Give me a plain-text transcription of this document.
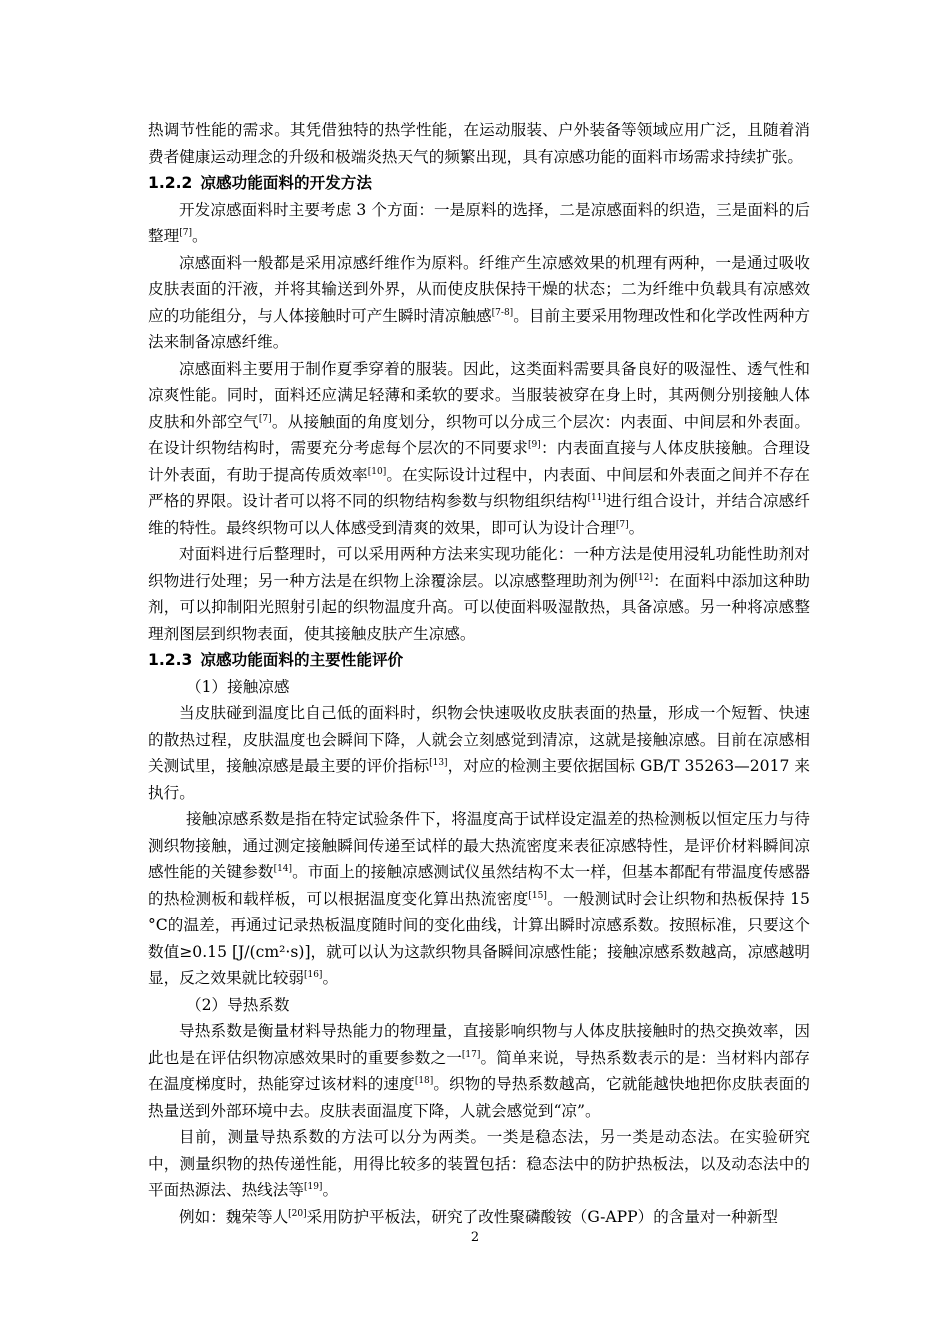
热调节性能的需求。其凭借独特的热学性能，在运动服装、户外装备等领域应用广泛，且随着消费者健康运动理念的升级和极端炎热天气的频繁出现，具有凉感功能的面料市场需求持续扩张。

1.2.2 凉感功能面料的开发方法

开发凉感面料时主要考虑 3 个方面：一是原料的选择，二是凉感面料的织造，三是面料的后整理[7]。

凉感面料一般都是采用凉感纤维作为原料。纤维产生凉感效果的机理有两种，一是通过吸收皮肤表面的汗液，并将其输送到外界，从而使皮肤保持干燥的状态；二为纤维中负载具有凉感效应的功能组分，与人体接触时可产生瞬时清凉触感[7-8]。目前主要采用物理改性和化学改性两种方法来制备凉感纤维。

凉感面料主要用于制作夏季穿着的服装。因此，这类面料需要具备良好的吸湿性、透气性和凉爽性能。同时，面料还应满足轻薄和柔软的要求。当服装被穿在身上时，其两侧分别接触人体皮肤和外部空气[7]。从接触面的角度划分，织物可以分成三个层次：内表面、中间层和外表面。在设计织物结构时，需要充分考虑每个层次的不同要求[9]：内表面直接与人体皮肤接触。合理设计外表面，有助于提高传质效率[10]。在实际设计过程中，内表面、中间层和外表面之间并不存在严格的界限。设计者可以将不同的织物结构参数与织物组织结构[11]进行组合设计，并结合凉感纤维的特性。最终织物可以人体感受到清爽的效果，即可认为设计合理[7]。

对面料进行后整理时，可以采用两种方法来实现功能化：一种方法是使用浸轧功能性助剂对织物进行处理；另一种方法是在织物上涂覆涂层。以凉感整理助剂为例[12]：在面料中添加这种助剂，可以抑制阳光照射引起的织物温度升高。可以使面料吸湿散热，具备凉感。另一种将凉感整理剂图层到织物表面，使其接触皮肤产生凉感。

1.2.3 凉感功能面料的主要性能评价

（1）接触凉感

当皮肤碰到温度比自己低的面料时，织物会快速吸收皮肤表面的热量，形成一个短暂、快速的散热过程，皮肤温度也会瞬间下降，人就会立刻感觉到清凉，这就是接触凉感。目前在凉感相关测试里，接触凉感是最主要的评价指标[13]，对应的检测主要依据国标 GB/T 35263—2017 来执行。

接触凉感系数是指在特定试验条件下，将温度高于试样设定温差的热检测板以恒定压力与待测织物接触，通过测定接触瞬间传递至试样的最大热流密度来表征凉感特性，是评价材料瞬间凉感性能的关键参数[14]。市面上的接触凉感测试仪虽然结构不太一样，但基本都配有带温度传感器的热检测板和载样板，可以根据温度变化算出热流密度[15]。一般测试时会让织物和热板保持 15 °C的温差，再通过记录热板温度随时间的变化曲线，计算出瞬时凉感系数。按照标准，只要这个数值≥0.15 [J/(cm²·s)]，就可以认为这款织物具备瞬间凉感性能；接触凉感系数越高，凉感越明显，反之效果就比较弱[16]。

（2）导热系数

导热系数是衡量材料导热能力的物理量，直接影响织物与人体皮肤接触时的热交换效率，因此也是在评估织物凉感效果时的重要参数之一[17]。简单来说，导热系数表示的是：当材料内部存在温度梯度时，热能穿过该材料的速度[18]。织物的导热系数越高，它就能越快地把你皮肤表面的热量送到外部环境中去。皮肤表面温度下降，人就会感觉到“凉”。

目前，测量导热系数的方法可以分为两类。一类是稳态法，另一类是动态法。在实验研究中，测量织物的热传递性能，用得比较多的装置包括：稳态法中的防护热板法，以及动态法中的平面热源法、热线法等[19]。

例如：魏荣等人[20]采用防护平板法，研究了改性聚磷酸铵（G-APP）的含量对一种新型

2
